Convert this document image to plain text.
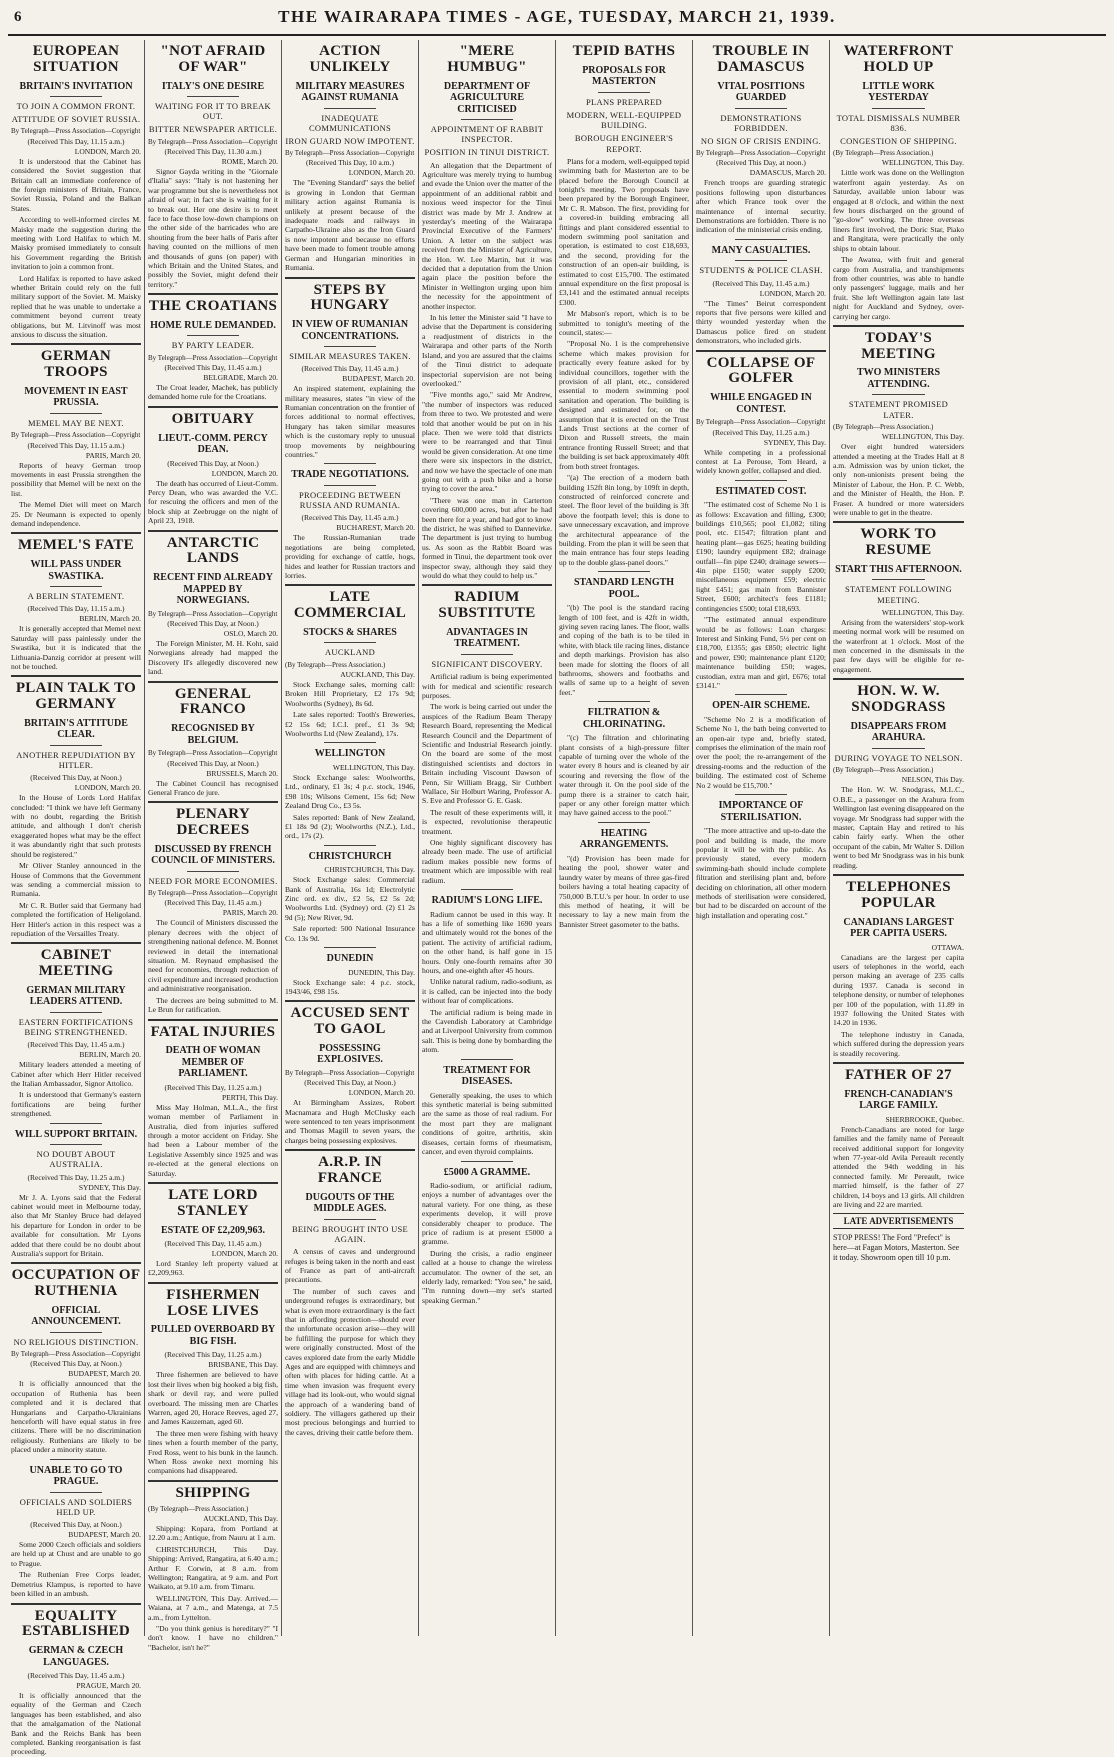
6	THE WAIRARAPA TIMES - AGE, TUESDAY, MARCH 21, 1939.
EUROPEAN SITUATION
BRITAIN'S INVITATION
TO JOIN A COMMON FRONT.
ATTITUDE OF SOVIET RUSSIA.
By Telegraph—Press Association—Copyright
(Received This Day, 11.15 a.m.)
LONDON, March 20.

It is understood that the Cabinet has considered the Soviet suggestion that Britain call an immediate conference of the foreign ministers of Britain, France, Soviet Russia, Poland and the Balkan States.

According to well-informed circles M. Maisky made the suggestion during the meeting with Lord Halifax to which M. Maisky promised immediately to consult his Government regarding the British invitation to join a common front.

Lord Halifax is reported to have asked whether Britain could rely on the full military support of the Soviet. M. Maisky replied that he was unable to undertake a commitment beyond current treaty obligations, but M. Litvinoff was most anxious to discuss the situation.

GERMAN TROOPS
MOVEMENT IN EAST PRUSSIA.
MEMEL MAY BE NEXT.
By Telegraph—Press Association—Copyright
(Received This Day, 11.15 a.m.)
PARIS, March 20.

Reports of heavy German troop movements in east Prussia strengthen the possibility that Memel will be next on the list.

The Memel Diet will meet on March 25. Dr Neumann is expected to openly demand independence.

MEMEL'S FATE
WILL PASS UNDER SWASTIKA.
A BERLIN STATEMENT.
(Received This Day, 11.15 a.m.)
BERLIN, March 20.

It is generally accepted that Memel next Saturday will pass painlessly under the Swastika, but it is indicated that the Lithuania-Danzig corridor at present will not be touched.

PLAIN TALK TO GERMANY
BRITAIN'S ATTITUDE CLEAR.
ANOTHER REPUDIATION BY HITLER.
(Received This Day, at Noon.)
LONDON, March 20.

In the House of Lords Lord Halifax concluded: "I think we have left Germany with no doubt, regarding the British attitude, and although I don't cherish exaggerated hopes what may be the effect it was abundantly right that such protests should be registered."

Mr Oliver Stanley announced in the House of Commons that the Government was sending a commercial mission to Rumania.

Mr C. R. Butler said that Germany had completed the fortification of Heligoland. Herr Hitler's action in this respect was a repudiation of the Versailles Treaty.

CABINET MEETING
GERMAN MILITARY LEADERS ATTEND.
EASTERN FORTIFICATIONS BEING STRENGTHENED.
(Received This Day, 11.45 a.m.)
BERLIN, March 20.

Military leaders attended a meeting of Cabinet after which Herr Hitler received the Italian Ambassador, Signor Attolico.

It is understood that Germany's eastern fortifications are being further strengthened.

WILL SUPPORT BRITAIN.
NO DOUBT ABOUT AUSTRALIA.
(Received This Day, 11.25 a.m.)
SYDNEY, This Day.

Mr J. A. Lyons said that the Federal cabinet would meet in Melbourne today, also that Mr Stanley Bruce had delayed his departure for London in order to be available for consultation. Mr Lyons added that there could be no doubt about Australia's support for Britain.

OCCUPATION OF RUTHENIA
OFFICIAL ANNOUNCEMENT.
NO RELIGIOUS DISTINCTION.
By Telegraph—Press Association—Copyright
(Received This Day, at Noon.)
BUDAPEST, March 20.

It is officially announced that the occupation of Ruthenia has been completed and it is declared that Hungarians and Carpatho-Ukrainians henceforth will have equal status in free citizens. There will be no discrimination religiously. Ruthenians are likely to be placed under a minority statute.

UNABLE TO GO TO PRAGUE.
OFFICIALS AND SOLDIERS HELD UP.
(Received This Day, at Noon.)
BUDAPEST, March 20.

Some 2000 Czech officials and soldiers are held up at Chust and are unable to go to Prague.

The Ruthenian Free Corps leader, Demetrius Klampus, is reported to have been killed in an ambush.

EQUALITY ESTABLISHED
GERMAN & CZECH LANGUAGES.
(Received This Day, 11.45 a.m.)
PRAGUE, March 20.

It is officially announced that the equality of the German and Czech languages has been established, and also that the amalgamation of the National Bank and the Reichs Bank has been completed. Banking reorganisation is fast proceeding.

"NOT AFRAID OF WAR"
ITALY'S ONE DESIRE
WAITING FOR IT TO BREAK OUT.
BITTER NEWSPAPER ARTICLE.
By Telegraph—Press Association—Copyright
(Received This Day, 11.30 a.m.)
ROME, March 20.

Signor Gayda writing in the "Giornale d'Italia" says: "Italy is not hastening her war programme but she is nevertheless not afraid of war; in fact she is waiting for it to break out. Her one desire is to meet face to face those low-down champions on the other side of the barricades who are shouting from the beer halls of Paris after having counted on the millions of men and thousands of guns (on paper) with which Britain and the United States, and possibly the Soviet, might defend their territory."

THE CROATIANS
HOME RULE DEMANDED.
BY PARTY LEADER.
By Telegraph—Press Association—Copyright
(Received This Day, 11.45 a.m.)
BELGRADE, March 20.

The Croat leader, Machek, has publicly demanded home rule for the Croatians.

OBITUARY
LIEUT.-COMM. PERCY DEAN.
(Received This Day, at Noon.)
LONDON, March 20.

The death has occurred of Lieut-Comm. Percy Dean, who was awarded the V.C. for rescuing the officers and men of the block ship at Zeebrugge on the night of April 23, 1918.

ANTARCTIC LANDS
RECENT FIND ALREADY MAPPED BY NORWEGIANS.
By Telegraph—Press Association—Copyright
(Received This Day, at Noon.)
OSLO, March 20.

The Foreign Minister, M. H. Koht, said Norwegians already had mapped the Discovery II's allegedly discovered new land.

GENERAL FRANCO
RECOGNISED BY BELGIUM.
By Telegraph—Press Association—Copyright
(Received This Day, at Noon.)
BRUSSELS, March 20.

The Cabinet Council has recognised General Franco de jure.

PLENARY DECREES
DISCUSSED BY FRENCH COUNCIL OF MINISTERS.
NEED FOR MORE ECONOMIES.
By Telegraph—Press Association—Copyright
(Received This Day, 11.45 a.m.)
PARIS, March 20.

The Council of Ministers discussed the plenary decrees with the object of strengthening national defence. M. Bonnet reviewed in detail the international situation. M. Reynaud emphasised the need for economies, through reduction of civil expenditure and increased production and administrative reorganisation.

The decrees are being submitted to M. Le Brun for ratification.

FATAL INJURIES
DEATH OF WOMAN MEMBER OF PARLIAMENT.
(Received This Day, 11.25 a.m.)
PERTH, This Day.

Miss May Holman, M.L.A., the first woman member of Parliament in Australia, died from injuries suffered through a motor accident on Friday. She had been a Labour member of the Legislative Assembly since 1925 and was re-elected at the general elections on Saturday.

LATE LORD STANLEY
ESTATE OF £2,209,963.
(Received This Day, 11.45 a.m.)
LONDON, March 20.

Lord Stanley left property valued at £2,209,963.

FISHERMEN LOSE LIVES
PULLED OVERBOARD BY BIG FISH.
(Received This Day, 11.25 a.m.)
BRISBANE, This Day.

Three fishermen are believed to have lost their lives when big hooked a big fish, shark or devil ray, and were pulled overboard. The missing men are Charles Warren, aged 20, Horace Reeves, aged 27, and James Kauzeman, aged 60.

The three men were fishing with heavy lines when a fourth member of the party, Fred Ross, went to his bunk in the launch. When Ross awoke next morning his companions had disappeared.

SHIPPING
(By Telegraph—Press Association.)
AUCKLAND, This Day.

Shipping: Kopara, from Portland at 12.20 a.m.; Antique, from Nauru at 1 a.m.

CHRISTCHURCH, This Day. Shipping: Arrived, Rangatira, at 6.40 a.m.; Arthur F. Corwin, at 8 a.m. from Wellington; Rangatira, at 9 a.m. and Port Waikato, at 9.10 a.m. from Timaru.

WELLINGTON, This Day. Arrived.—Waiana, at 7 a.m., and Matenga, at 7.5 a.m., from Lyttelton.

"Do you think genius is hereditary?" "I don't know. I have no children." "Bachelor, isn't he?"

ACTION UNLIKELY
MILITARY MEASURES AGAINST RUMANIA
INADEQUATE COMMUNICATIONS
IRON GUARD NOW IMPOTENT.
By Telegraph—Press Association—Copyright
(Received This Day, 10 a.m.)
LONDON, March 20.

The "Evening Standard" says the belief is growing in London that German military action against Rumania is unlikely at present because of the inadequate roads and railways in Carpatho-Ukraine also as the Iron Guard is now impotent and because no efforts have been made to foment trouble among German and Hungarian minorities in Rumania.

STEPS BY HUNGARY
IN VIEW OF RUMANIAN CONCENTRATIONS.
SIMILAR MEASURES TAKEN.
(Received This Day, 11.45 a.m.)
BUDAPEST, March 20.

An inspired statement, explaining the military measures, states "in view of the Rumanian concentration on the frontier of forces additional to normal effectives, Hungary has taken similar measures which is the customary reply to unusual troop movements by neighbouring countries."

TRADE NEGOTIATIONS.
PROCEEDING BETWEEN RUSSIA AND RUMANIA.
(Received This Day, 11.45 a.m.)
BUCHAREST, March 20.

The Russian-Rumanian trade negotiations are being completed, providing for exchange of cattle, hogs, hides and leather for Russian tractors and lorries.

LATE COMMERCIAL
STOCKS & SHARES
AUCKLAND
(By Telegraph—Press Association.)
AUCKLAND, This Day.

Stock Exchange sales, morning call: Broken Hill Proprietary, £2 17s 9d; Woolworths (Sydney), 8s 6d.

Late sales reported: Tooth's Breweries, £2 15s 6d; I.C.I. pref., £1 3s 9d; Woolworths Ltd (New Zealand), 17s.

WELLINGTON
WELLINGTON, This Day.

Stock Exchange sales: Woolworths, Ltd., ordinary, £1 3s; 4 p.c. stock, 1946, £98 10s; Wilsons Cement, 15s 6d; New Zealand Drug Co., £3 5s.

Sales reported: Bank of New Zealand, £1 18s 9d (2); Woolworths (N.Z.), Ltd., ord., 17s (2).

CHRISTCHURCH
CHRISTCHURCH, This Day.

Stock Exchange sales: Commercial Bank of Australia, 16s 1d; Electrolytic Zinc ord. ex div., £2 5s, £2 5s 2d; Woolworths Ltd. (Sydney) ord. (2) £1 2s 9d (5); New River, 9d.

Sale reported: 500 National Insurance Co. 13s 9d.

DUNEDIN
DUNEDIN, This Day.

Stock Exchange sale: 4 p.c. stock, 1943/46, £98 15s.

ACCUSED SENT TO GAOL
POSSESSING EXPLOSIVES.
By Telegraph—Press Association—Copyright
(Received This Day, at Noon.)
LONDON, March 20.

At Birmingham Assizes, Robert Macnamara and Hugh McClusky each were sentenced to ten years imprisonment and Thomas Magill to seven years, the charges being possessing explosives.

A.R.P. IN FRANCE
DUGOUTS OF THE MIDDLE AGES.
BEING BROUGHT INTO USE AGAIN.

A census of caves and underground refuges is being taken in the north and east of France as part of anti-aircraft precautions.

The number of such caves and underground refuges is extraordinary, but what is even more extraordinary is the fact that in affording protection—should ever the unfortunate occasion arise—they will be fulfilling the purpose for which they were originally constructed. Most of the caves explored date from the early Middle Ages and are equipped with chimneys and often with places for hiding cattle. At a time when invasion was frequent every village had its look-out, who would signal the approach of a wandering band of soldiery. The villagers gathered up their most precious belongings and hurried to the caves, driving their cattle before them.

"MERE HUMBUG"
DEPARTMENT OF AGRICULTURE CRITICISED
APPOINTMENT OF RABBIT INSPECTOR.
POSITION IN TINUI DISTRICT.

An allegation that the Department of Agriculture was merely trying to humbug and evade the Union over the matter of the appointment of an additional rabbit and noxious weed inspector for the Tinui district was made by Mr J. Andrew at yesterday's meeting of the Wairarapa Provincial Executive of the Farmers' Union. A letter on the subject was received from the Minister of Agriculture, the Hon. W. Lee Martin, but it was decided that a deputation from the Union again place the position before the Minister in Wellington urging upon him the necessity for the appointment of another inspector.

In his letter the Minister said "I have to advise that the Department is considering a readjustment of districts in the Wairarapa and other parts of the North Island, and you are assured that the claims of the Tinui district to adequate inspectorial supervision are not being overlooked."

"Five months ago," said Mr Andrew, "the number of inspectors was reduced from three to two. We protested and were told that another would be put on in his place. Then we were told that districts were to be rearranged and that Tinui would be given consideration. At one time there were six inspectors in the district, and now we have the spectacle of one man going out with a push bike and a horse trying to cover the area."

"There was one man in Carterton covering 600,000 acres, but after he had been there for a year, and had got to know the district, he was shifted to Dannevirke. The department is just trying to humbug us. As soon as the Rabbit Board was formed in Tinui, the department took over inspector sway, although they said they would do what they could to help us."

RADIUM SUBSTITUTE
ADVANTAGES IN TREATMENT.
SIGNIFICANT DISCOVERY.

Artificial radium is being experimented with for medical and scientific research purposes.

The work is being carried out under the auspices of the Radium Beam Therapy Research Board, representing the Medical Research Council and the Department of Scientific and Industrial Research jointly. On the board are some of the most distinguished scientists and doctors in Britain including Viscount Dawson of Penn, Sir William Bragg, Sir Cuthbert Wallace, Sir Holburt Waring, Professor A. S. Eve and Professor G. E. Gask.

The result of these experiments will, it is expected, revolutionise therapeutic treatment.

One highly significant discovery has already been made. The use of artificial radium makes possible new forms of treatment which are impossible with real radium.

RADIUM'S LONG LIFE.

Radium cannot be used in this way. It has a life of something like 1690 years and ultimately would rot the bones of the patient. The activity of artificial radium, on the other hand, is half gone in 15 hours. Only one-fourth remains after 30 hours, and one-eighth after 45 hours.

Unlike natural radium, radio-sodium, as it is called, can be injected into the body without fear of complications.

The artificial radium is being made in the Cavendish Laboratory at Cambridge and at Liverpool University from common salt. This is being done by bombarding the atom.

TREATMENT FOR DISEASES.

Generally speaking, the uses to which this synthetic material is being submitted are the same as those of real radium. For the most part they are malignant conditions of goitre, arthritis, skin diseases, certain forms of rheumatism, cancer, and even thyroid complaints.

£5000 A GRAMME.

Radio-sodium, or artificial radium, enjoys a number of advantages over the natural variety. For one thing, as these experiments develop, it will prove considerably cheaper to produce. The price of radium is at present £5000 a gramme.

During the crisis, a radio engineer called at a house to change the wireless accumulator. The owner of the set, an elderly lady, remarked: "You see," he said, "I'm running down—my set's started speaking German."

TEPID BATHS
PROPOSALS FOR MASTERTON
PLANS PREPARED
MODERN, WELL-EQUIPPED BUILDING.
BOROUGH ENGINEER'S REPORT.

Plans for a modern, well-equipped tepid swimming bath for Masterton are to be placed before the Borough Council at tonight's meeting. Two proposals have been prepared by the Borough Engineer, Mr C. R. Mabson. The first, providing for a covered-in building embracing all fittings and plant considered essential to modern swimming pool sanitation and operation, is estimated to cost £18,693, and the second, providing for the construction of an open-air building, is estimated to cost £15,700. The estimated annual expenditure on the first proposal is £3,141 and the estimated annual receipts £300.

Mr Mabson's report, which is to be submitted to tonight's meeting of the council, states:—

"Proposal No. 1 is the comprehensive scheme which makes provision for practically every feature asked for by individual councillors, together with the provision of all plant, etc., considered essential to modern swimming pool sanitation and operation. The building is designed and estimated for, on the assumption that it is erected on the Trust Lands Trust sections at the corner of Dixon and Russell streets, the main entrance fronting Russell Street; and that the building is set back approximately 40ft from both street frontages.

"(a) The erection of a modern bath building 152ft 8in long, by 109ft in depth, constructed of reinforced concrete and steel. The floor level of the building is 3ft above the footpath level; this is done to save unnecessary excavation, and improve the architectural appearance of the building. From the plan it will be seen that the main entrance has four steps leading up to the double glass-panel doors."

STANDARD LENGTH POOL.

"(b) The pool is the standard racing length of 100 feet, and is 42ft in width, giving seven racing lanes. The floor, walls and coping of the bath is to be tiled in white, with black tile racing lines, distance and depth markings. Provision has also been made for slotting the floors of all bathrooms, showers and footbaths and walls of same up to a height of seven feet."

FILTRATION & CHLORINATING.

"(c) The filtration and chlorinating plant consists of a high-pressure filter capable of turning over the whole of the water every 8 hours and is cleaned by air scouring and reversing the flow of the water through it. On the pool side of the pump there is a strainer to catch hair, paper or any other foreign matter which may have gained access to the pool."

HEATING ARRANGEMENTS.

"(d) Provision has been made for heating the pool, shower water and laundry water by means of three gas-fired boilers having a total heating capacity of 750,000 B.T.U.'s per hour. In order to use this method of heating, it will be necessary to lay a new main from the Bannister Street gasometer to the baths.

TROUBLE IN DAMASCUS
VITAL POSITIONS GUARDED
DEMONSTRATIONS FORBIDDEN.
NO SIGN OF CRISIS ENDING.
By Telegraph—Press Association—Copyright
(Received This Day, at noon.)
DAMASCUS, March 20.

French troops are guarding strategic positions following upon disturbances after which France took over the maintenance of internal security. Demonstrations are forbidden. There is no indication of the ministerial crisis ending.

MANY CASUALTIES.
STUDENTS & POLICE CLASH.
(Received This Day, 11.45 a.m.)
LONDON, March 20.

"The Times" Beirut correspondent reports that five persons were killed and thirty wounded yesterday when the Damascus police fired on student demonstrators, who included girls.

COLLAPSE OF GOLFER
WHILE ENGAGED IN CONTEST.
By Telegraph—Press Association—Copyright
(Received This Day, 11.25 a.m.)
SYDNEY, This Day.

While competing in a professional contest at La Perouse, Tom Heard, a widely known golfer, collapsed and died.

ESTIMATED COST.

"The estimated cost of Scheme No 1 is as follows: Excavation and filling, £300; buildings £10,565; pool £1,082; tiling pool, etc. £1547; filtration plant and heating plant—gas £625; heating building £190; laundry equipment £82; drainage outfall—fin pipe £240; drainage sewers—4in pipe £150; water supply £200; miscellaneous equipment £59; electric light £451; gas main from Bannister Street, £600; architect's fees £1181; contingencies £500; total £18,693.

"The estimated annual expenditure would be as follows: Loan charges: Interest and Sinking Fund, 5½ per cent on £18,700, £1355; gas £850; electric light and power, £90; maintenance plant £120; maintenance building £50; wages, custodian, extra man and girl, £676; total £3141."

OPEN-AIR SCHEME.

"Scheme No 2 is a modification of Scheme No 1, the bath being converted to an open-air type and, briefly stated, comprises the elimination of the main roof over the pool; the re-arrangement of the dressing-rooms and the reduction of the building. The estimated cost of Scheme No 2 would be £15,700."

IMPORTANCE OF STERILISATION.

"The more attractive and up-to-date the pool and building is made, the more popular it will be with the public. As previously stated, every modern swimming-bath should include complete filtration and sterilising plant and, before deciding on chlorination, all other modern methods of sterilisation were considered, but had to be discarded on account of the high installation and operating cost."

WATERFRONT HOLD UP
LITTLE WORK YESTERDAY
TOTAL DISMISSALS NUMBER 836.
CONGESTION OF SHIPPING.
(By Telegraph—Press Association.)
WELLINGTON, This Day.

Little work was done on the Wellington waterfront again yesterday. As on Saturday, available union labour was engaged at 8 o'clock, and within the next few hours discharged on the ground of "go-slow" working. The three overseas liners first involved, the Doric Star, Piako and Rangitata, were practically the only ships to obtain labour.

The Awatea, with fruit and general cargo from Australia, and transhipments from other countries, was able to handle only passengers' luggage, mails and her fruit. She left Wellington again late last night for Auckland and Sydney, over-carrying her cargo.

TODAY'S MEETING
TWO MINISTERS ATTENDING.
STATEMENT PROMISED LATER.
(By Telegraph—Press Association.)
WELLINGTON, This Day.

Over eight hundred watersiders attended a meeting at the Trades Hall at 8 a.m. Admission was by union ticket, the only non-unionists present being the Minister of Labour, the Hon. P. C. Webb, and the Minister of Health, the Hon. P. Fraser. A hundred or more watersiders were unable to get in the theatre.

WORK TO RESUME
START THIS AFTERNOON.
STATEMENT FOLLOWING MEETING.
WELLINGTON, This Day.

Arising from the watersiders' stop-work meeting normal work will be resumed on the waterfront at 1 o'clock. Most of the men concerned in the dismissals in the past few days will be eligible for re-engagement.

HON. W. W. SNODGRASS
DISAPPEARS FROM ARAHURA.
DURING VOYAGE TO NELSON.
(By Telegraph—Press Association.)
NELSON, This Day.

The Hon. W. W. Snodgrass, M.L.C., O.B.E., a passenger on the Arahura from Wellington last evening disappeared on the voyage. Mr Snodgrass had supper with the master, Captain Hay and retired to his cabin fairly early. When the other occupant of the cabin, Mr Walter S. Dillon went to bed Mr Snodgrass was in his bunk reading.

TELEPHONES POPULAR
CANADIANS LARGEST PER CAPITA USERS.
OTTAWA.

Canadians are the largest per capita users of telephones in the world, each person making an average of 235 calls during 1937. Canada is second in telephone density, or number of telephones per 100 of the population, with 11.89 in 1937 following the United States with 14.20 in 1936.

The telephone industry in Canada, which suffered during the depression years is steadily recovering.

FATHER OF 27
FRENCH-CANADIAN'S LARGE FAMILY.
SHERBROOKE, Quebec.

French-Canadians are noted for large families and the family name of Pereault received additional support for longevity when 77-year-old Avila Pereault recently attended the 94th wedding in his connected family. Mr Pereault, twice married himself, is the father of 27 children, 14 boys and 13 girls. All children are living and 22 are married.

LATE ADVERTISEMENTS
STOP PRESS! The Ford "Prefect" is here—at Fagan Motors, Masterton. See it today. Showroom open till 10 p.m.
